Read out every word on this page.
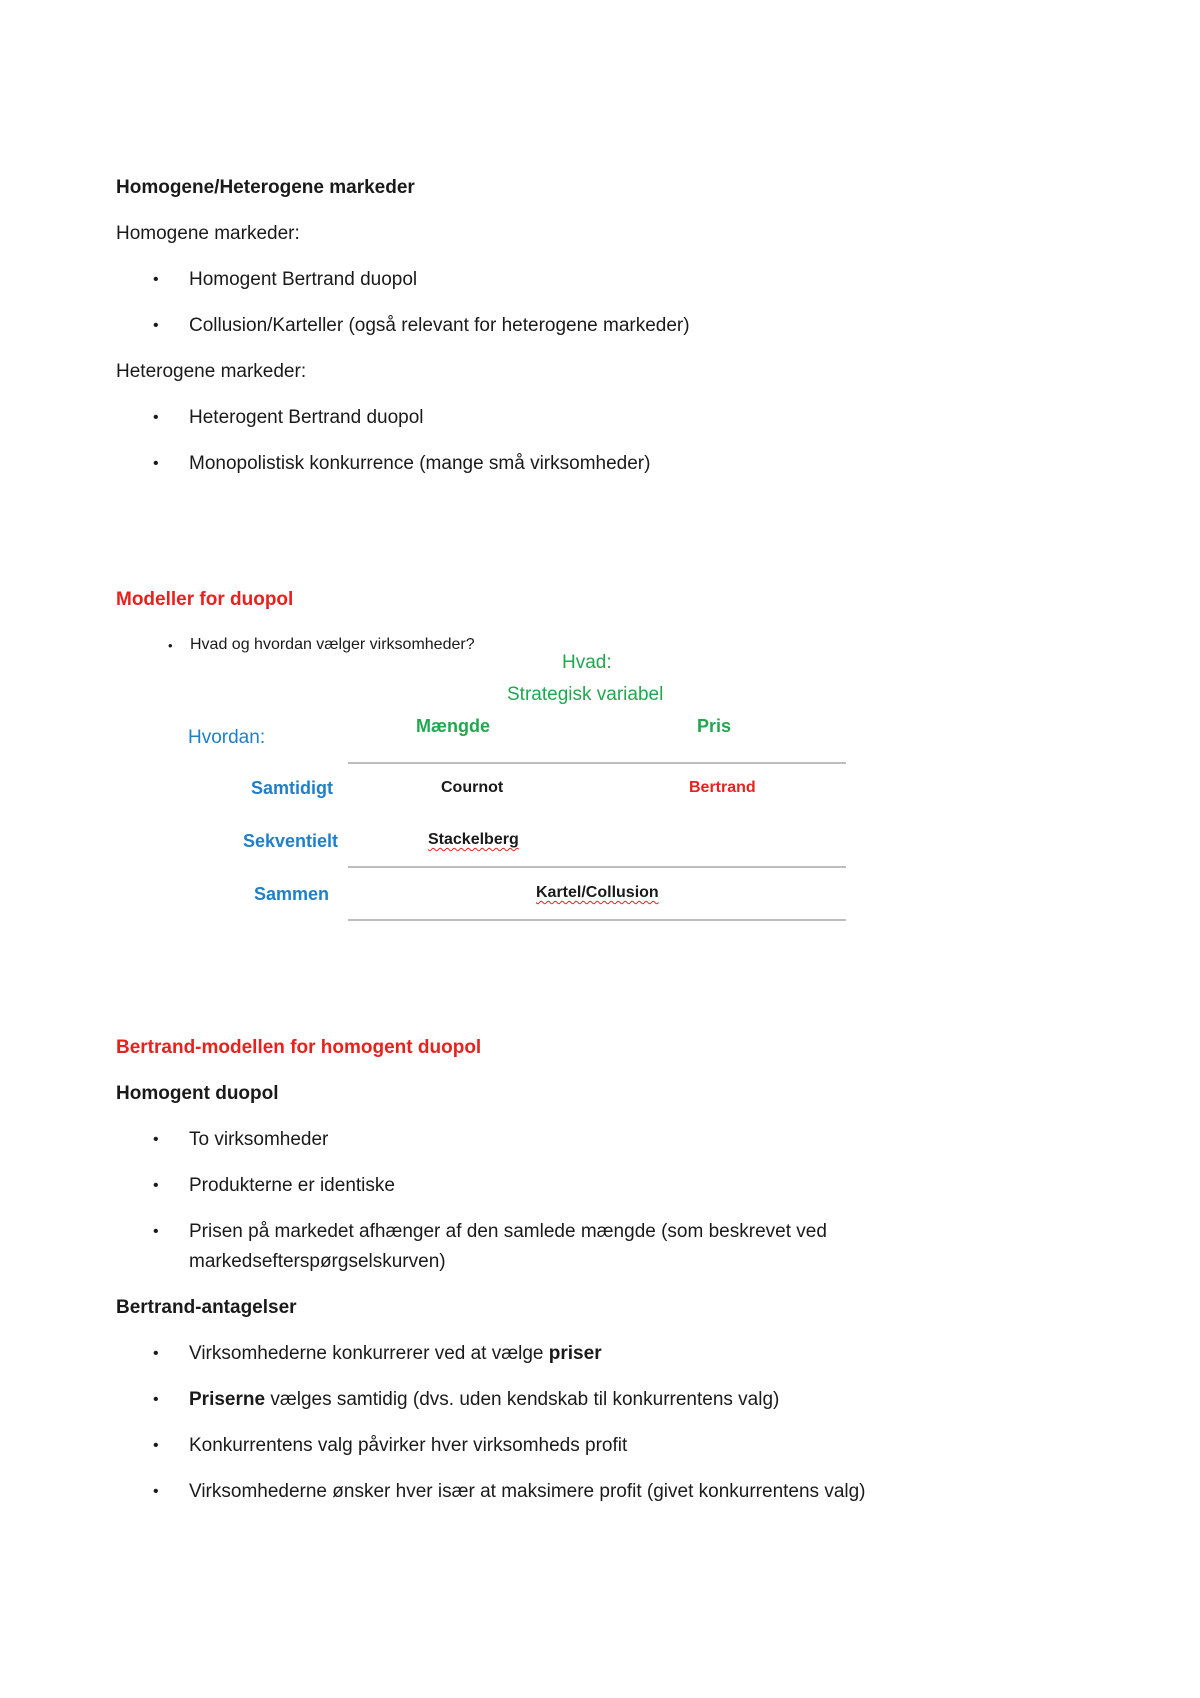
Homogene/Heterogene markeder
Homogene markeder:
• Homogent Bertrand duopol
• Collusion/Karteller (også relevant for heterogene markeder)
Heterogene markeder:
• Heterogent Bertrand duopol
• Monopolistisk konkurrence (mange små virksomheder)
Modeller for duopol
• Hvad og hvordan vælger virksomheder?
Hvad:
Strategisk variabel
Hvordan:
Mængde	Pris
Samtidigt	Cournot	Bertrand
Sekventielt	Stackelberg
Sammen	Kartel/Collusion
Bertrand-modellen for homogent duopol
Homogent duopol
• To virksomheder
• Produkterne er identiske
• Prisen på markedet afhænger af den samlede mængde (som beskrevet ved
markedsefterspørgselskurven)
Bertrand-antagelser
• Virksomhederne konkurrerer ved at vælge priser
• Priserne vælges samtidig (dvs. uden kendskab til konkurrentens valg)
• Konkurrentens valg påvirker hver virksomheds profit
• Virksomhederne ønsker hver især at maksimere profit (givet konkurrentens valg)
